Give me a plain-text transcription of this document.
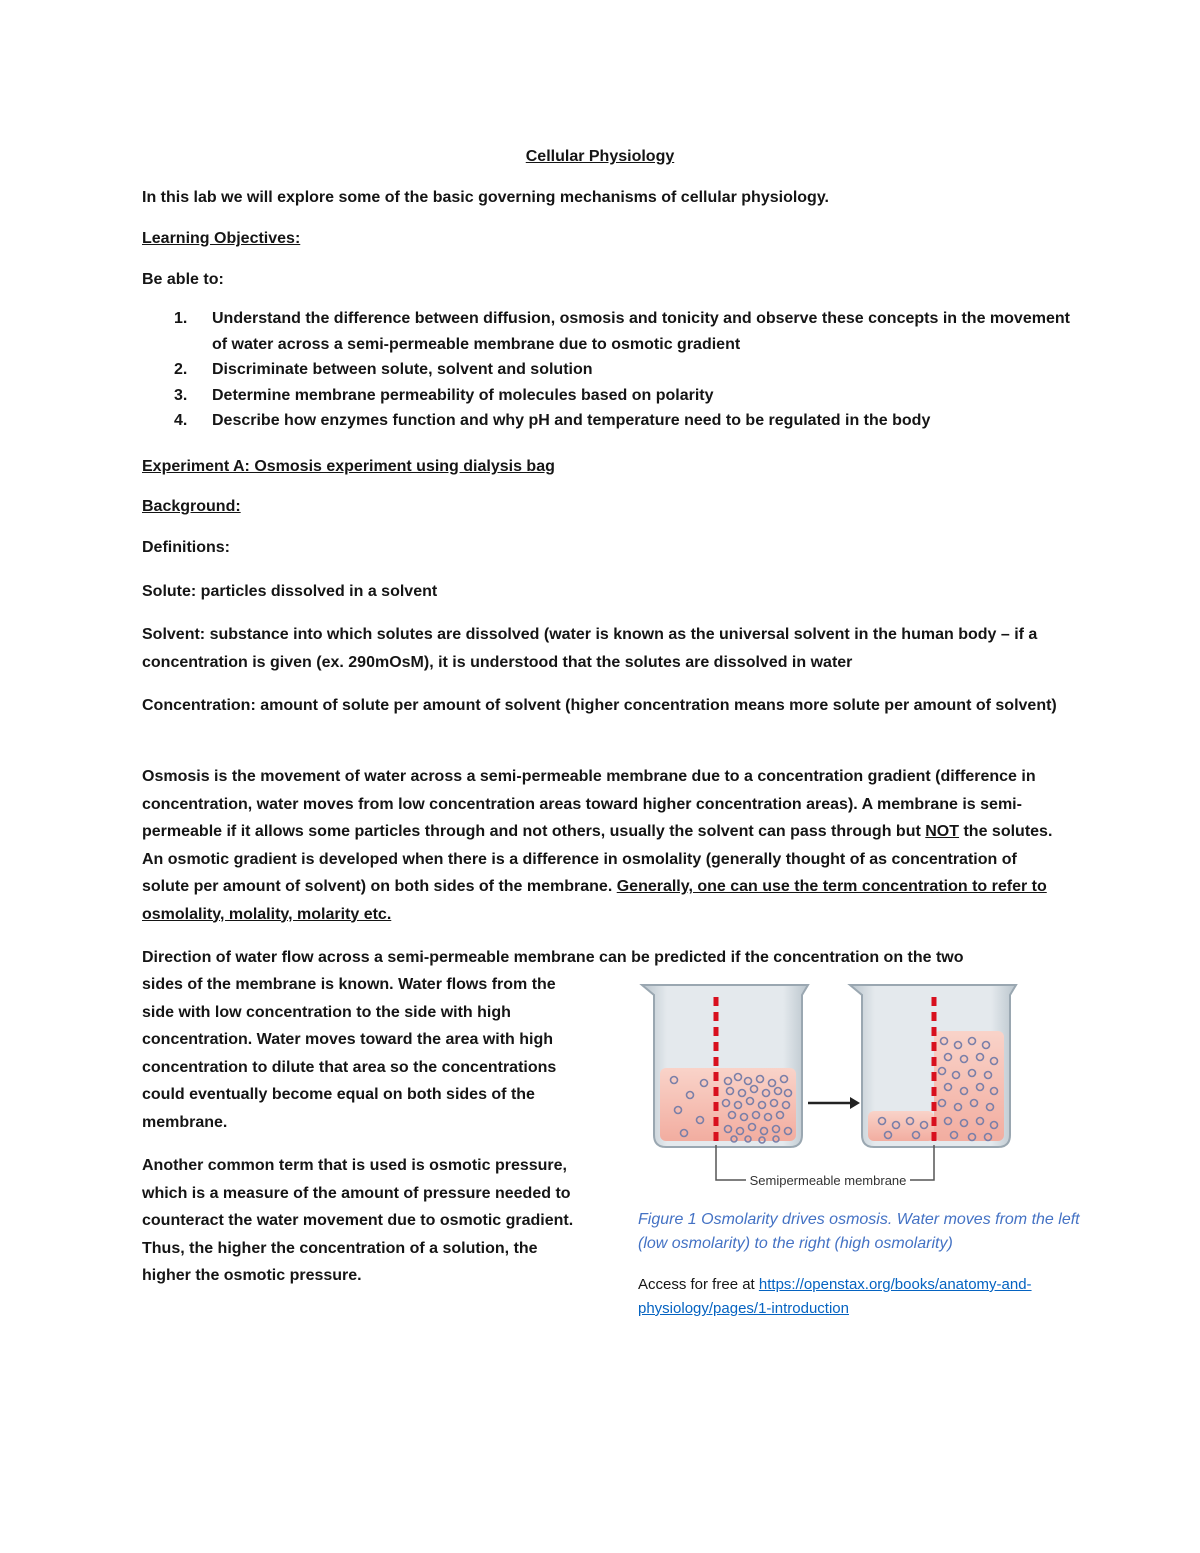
Cellular Physiology
In this lab we will explore some of the basic governing mechanisms of cellular physiology.
Learning Objectives:
Be able to:
1. Understand the difference between diffusion, osmosis and tonicity and observe these concepts in the movement of water across a semi-permeable membrane due to osmotic gradient
2. Discriminate between solute, solvent and solution
3. Determine membrane permeability of molecules based on polarity
4. Describe how enzymes function and why pH and temperature need to be regulated in the body
Experiment A: Osmosis experiment using dialysis bag
Background:
Definitions:
Solute: particles dissolved in a solvent
Solvent: substance into which solutes are dissolved (water is known as the universal solvent in the human body – if a concentration is given (ex. 290mOsM), it is understood that the solutes are dissolved in water
Concentration: amount of solute per amount of solvent (higher concentration means more solute per amount of solvent)
Osmosis is the movement of water across a semi-permeable membrane due to a concentration gradient (difference in concentration, water moves from low concentration areas toward higher concentration areas). A membrane is semi-permeable if it allows some particles through and not others, usually the solvent can pass through but NOT the solutes. An osmotic gradient is developed when there is a difference in osmolality (generally thought of as concentration of solute per amount of solvent) on both sides of the membrane. Generally, one can use the term concentration to refer to osmolality, molality, molarity etc.
Direction of water flow across a semi-permeable membrane can be predicted if the concentration on the two
sides of the membrane is known. Water flows from the
side with low concentration to the side with high
concentration. Water moves toward the area with high
concentration to dilute that area so the concentrations
could eventually become equal on both sides of the
membrane.
Another common term that is used is osmotic pressure,
which is a measure of the amount of pressure needed to
counteract the water movement due to osmotic gradient.
Thus, the higher the concentration of a solution, the
higher the osmotic pressure.
Semipermeable membrane
Figure 1 Osmolarity drives osmosis. Water moves from the left (low osmolarity) to the right (high osmolarity)
Access for free at https://openstax.org/books/anatomy-and-physiology/pages/1-introduction
